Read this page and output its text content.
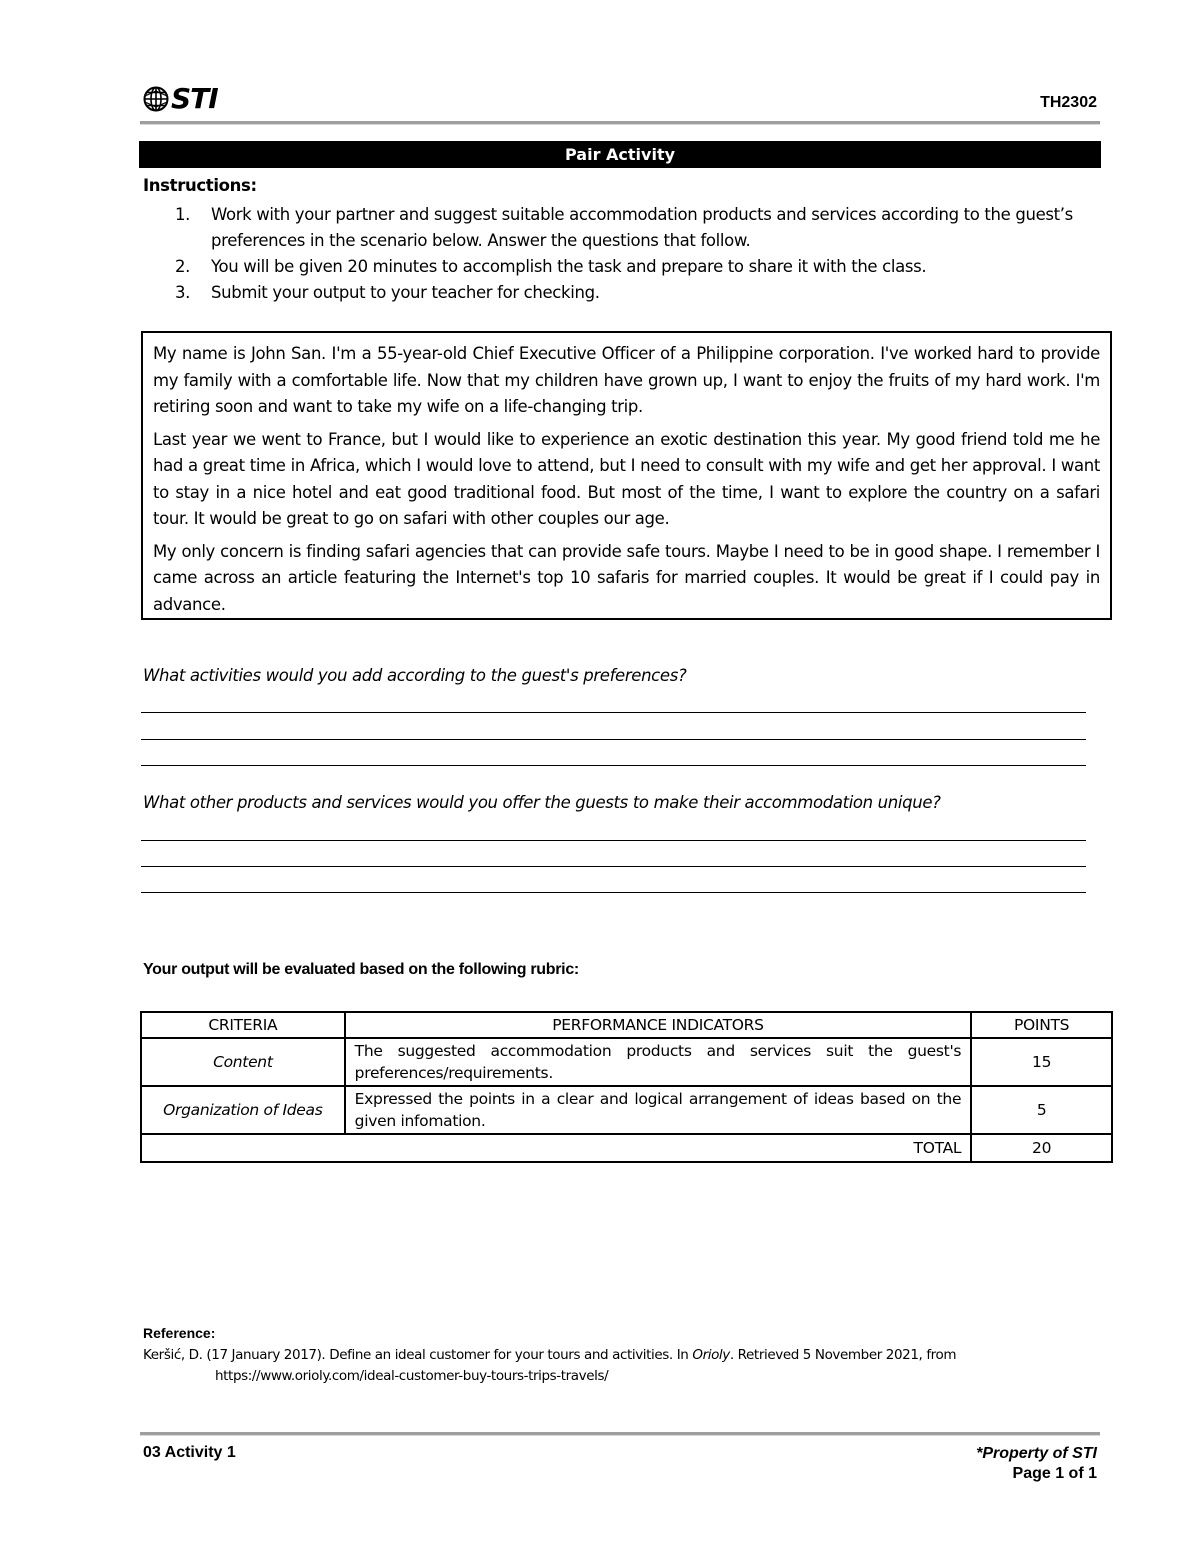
STI	TH2302
Pair Activity
Instructions:
1. Work with your partner and suggest suitable accommodation products and services according to the guest’s preferences in the scenario below. Answer the questions that follow.
2. You will be given 20 minutes to accomplish the task and prepare to share it with the class.
3. Submit your output to your teacher for checking.

My name is John San. I'm a 55-year-old Chief Executive Officer of a Philippine corporation. I've worked hard to provide my family with a comfortable life. Now that my children have grown up, I want to enjoy the fruits of my hard work. I'm retiring soon and want to take my wife on a life-changing trip.

Last year we went to France, but I would like to experience an exotic destination this year. My good friend told me he had a great time in Africa, which I would love to attend, but I need to consult with my wife and get her approval. I want to stay in a nice hotel and eat good traditional food. But most of the time, I want to explore the country on a safari tour. It would be great to go on safari with other couples our age.

My only concern is finding safari agencies that can provide safe tours. Maybe I need to be in good shape. I remember I came across an article featuring the Internet's top 10 safaris for married couples. It would be great if I could pay in advance.

What activities would you add according to the guest's preferences?
What other products and services would you offer the guests to make their accommodation unique?
Your output will be evaluated based on the following rubric:
CRITERIA	PERFORMANCE INDICATORS	POINTS
Content	The suggested accommodation products and services suit the guest's preferences/requirements.	15
Organization of Ideas	Expressed the points in a clear and logical arrangement of ideas based on the given infomation.	5
TOTAL		20
Reference:
Keršić, D. (17 January 2017). Define an ideal customer for your tours and activities. In Orioly. Retrieved 5 November 2021, from
https://www.orioly.com/ideal-customer-buy-tours-trips-travels/
03 Activity 1	*Property of STI
Page 1 of 1
